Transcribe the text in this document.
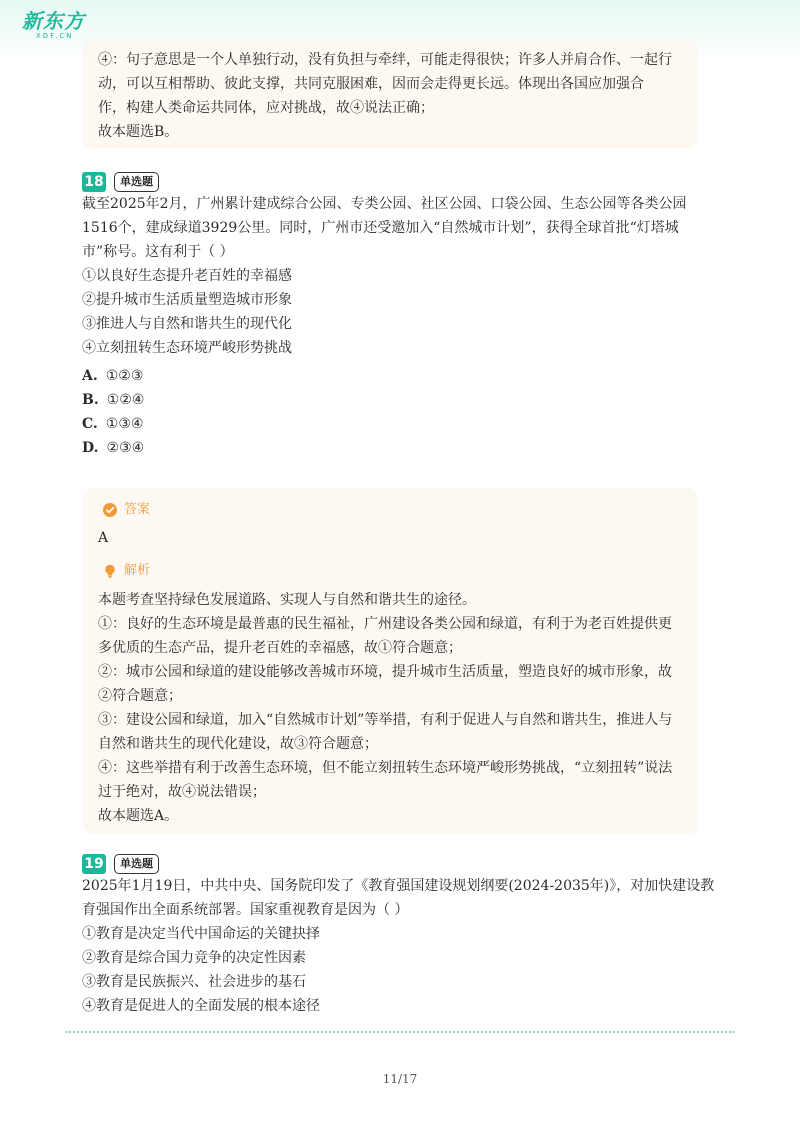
新东方
XDF.CN
④：句子意思是一个人单独行动，没有负担与牵绊，可能走得很快；许多人并肩合作、一起行
动，可以互相帮助、彼此支撑，共同克服困难，因而会走得更长远。体现出各国应加强合
作，构建人类命运共同体，应对挑战，故④说法正确；
故本题选B。
18	单选题
截至2025年2月，广州累计建成综合公园、专类公园、社区公园、口袋公园、生态公园等各类公园
1516个，建成绿道3929公里。同时，广州市还受邀加入“自然城市计划”，获得全球首批“灯塔城
市”称号。这有利于（ ）
①以良好生态提升老百姓的幸福感
②提升城市生活质量塑造城市形象
③推进人与自然和谐共生的现代化
④立刻扭转生态环境严峻形势挑战
A. ①②③
B. ①②④
C. ①③④
D. ②③④
答案
A
解析
本题考查坚持绿色发展道路、实现人与自然和谐共生的途径。
①：良好的生态环境是最普惠的民生福祉，广州建设各类公园和绿道，有利于为老百姓提供更
多优质的生态产品，提升老百姓的幸福感，故①符合题意；
②：城市公园和绿道的建设能够改善城市环境，提升城市生活质量，塑造良好的城市形象，故
②符合题意；
③：建设公园和绿道，加入“自然城市计划”等举措，有利于促进人与自然和谐共生，推进人与
自然和谐共生的现代化建设，故③符合题意；
④：这些举措有利于改善生态环境，但不能立刻扭转生态环境严峻形势挑战，“立刻扭转”说法
过于绝对，故④说法错误；
故本题选A。
19	单选题
2025年1月19日，中共中央、国务院印发了《教育强国建设规划纲要(2024-2035年)》，对加快建设教
育强国作出全面系统部署。国家重视教育是因为（ ）
①教育是决定当代中国命运的关键抉择
②教育是综合国力竞争的决定性因素
③教育是民族振兴、社会进步的基石
④教育是促进人的全面发展的根本途径
11/17
